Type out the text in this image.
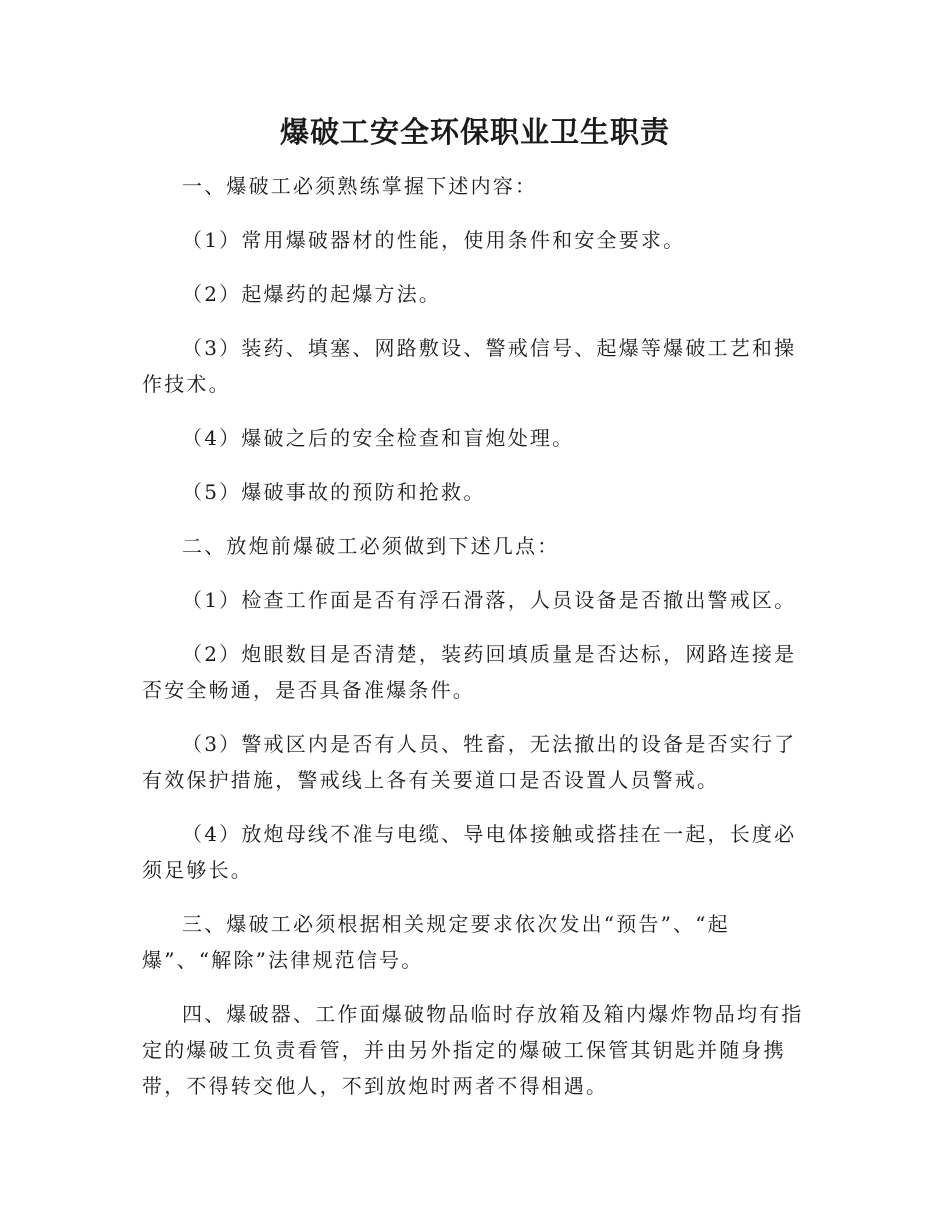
爆破工安全环保职业卫生职责

一、爆破工必须熟练掌握下述内容：

（1）常用爆破器材的性能，使用条件和安全要求。

（2）起爆药的起爆方法。

（3）装药、填塞、网路敷设、警戒信号、起爆等爆破工艺和操作技术。

（4）爆破之后的安全检查和盲炮处理。

（5）爆破事故的预防和抢救。

二、放炮前爆破工必须做到下述几点：

（1）检查工作面是否有浮石滑落，人员设备是否撤出警戒区。

（2）炮眼数目是否清楚，装药回填质量是否达标，网路连接是否安全畅通，是否具备准爆条件。

（3）警戒区内是否有人员、牲畜，无法撤出的设备是否实行了有效保护措施，警戒线上各有关要道口是否设置人员警戒。

（4）放炮母线不准与电缆、导电体接触或搭挂在一起，长度必须足够长。

三、爆破工必须根据相关规定要求依次发出“预告”、“起爆”、“解除”法律规范信号。

四、爆破器、工作面爆破物品临时存放箱及箱内爆炸物品均有指定的爆破工负责看管，并由另外指定的爆破工保管其钥匙并随身携带，不得转交他人，不到放炮时两者不得相遇。
